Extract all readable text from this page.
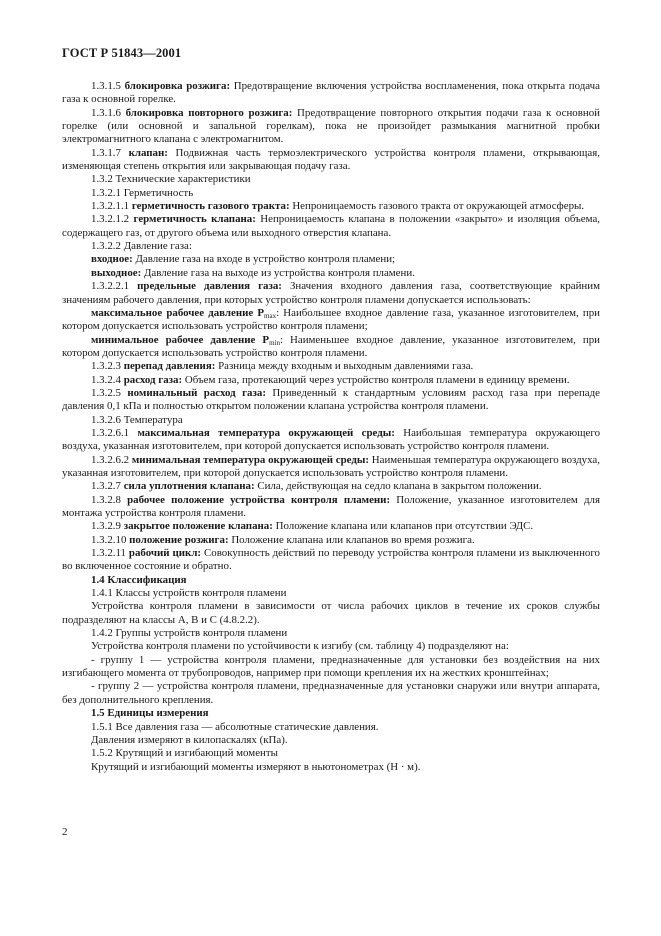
ГОСТ Р 51843—2001

1.3.1.5 блокировка розжига: Предотвращение включения устройства воспламенения, пока открыта подача газа к основной горелке.

1.3.1.6 блокировка повторного розжига: Предотвращение повторного открытия подачи газа к основной горелке (или основной и запальной горелкам), пока не произойдет размыкания магнитной пробки электромагнитного клапана с электромагнитом.

1.3.1.7 клапан: Подвижная часть термоэлектрического устройства контроля пламени, открывающая, изменяющая степень открытия или закрывающая подачу газа.

1.3.2 Технические характеристики

1.3.2.1 Герметичность

1.3.2.1.1 герметичность газового тракта: Непроницаемость газового тракта от окружающей атмосферы.

1.3.2.1.2 герметичность клапана: Непроницаемость клапана в положении «закрыто» и изоляция объема, содержащего газ, от другого объема или выходного отверстия клапана.

1.3.2.2 Давление газа:

входное: Давление газа на входе в устройство контроля пламени;

выходное: Давление газа на выходе из устройства контроля пламени.

1.3.2.2.1 предельные давления газа: Значения входного давления газа, соответствующие крайним значениям рабочего давления, при которых устройство контроля пламени допускается использовать:

максимальное рабочее давление $P_{max}$: Наибольшее входное давление газа, указанное изготовителем, при котором допускается использовать устройство контроля пламени;

минимальное рабочее давление $P_{min}$: Наименьшее входное давление, указанное изготовителем, при котором допускается использовать устройство контроля пламени.

1.3.2.3 перепад давления: Разница между входным и выходным давлениями газа.

1.3.2.4 расход газа: Объем газа, протекающий через устройство контроля пламени в единицу времени.

1.3.2.5 номинальный расход газа: Приведенный к стандартным условиям расход газа при перепаде давления 0,1 кПа и полностью открытом положении клапана устройства контроля пламени.

1.3.2.6 Температура

1.3.2.6.1 максимальная температура окружающей среды: Наибольшая температура окружающего воздуха, указанная изготовителем, при которой допускается использовать устройство контроля пламени.

1.3.2.6.2 минимальная температура окружающей среды: Наименьшая температура окружающего воздуха, указанная изготовителем, при которой допускается использовать устройство контроля пламени.

1.3.2.7 сила уплотнения клапана: Сила, действующая на седло клапана в закрытом положении.

1.3.2.8 рабочее положение устройства контроля пламени: Положение, указанное изготовителем для монтажа устройства контроля пламени.

1.3.2.9 закрытое положение клапана: Положение клапана или клапанов при отсутствии ЭДС.

1.3.2.10 положение розжига: Положение клапана или клапанов во время розжига.

1.3.2.11 рабочий цикл: Совокупность действий по переводу устройства контроля пламени из выключенного во включенное состояние и обратно.

1.4 Классификация

1.4.1 Классы устройств контроля пламени

Устройства контроля пламени в зависимости от числа рабочих циклов в течение их сроков службы подразделяют на классы А, В и С (4.8.2.2).

1.4.2 Группы устройств контроля пламени

Устройства контроля пламени по устойчивости к изгибу (см. таблицу 4) подразделяют на:

- группу 1 — устройства контроля пламени, предназначенные для установки без воздействия на них изгибающего момента от трубопроводов, например при помощи крепления их на жестких кронштейнах;

- группу 2 — устройства контроля пламени, предназначенные для установки снаружи или внутри аппарата, без дополнительного крепления.

1.5 Единицы измерения

1.5.1 Все давления газа — абсолютные статические давления.

Давления измеряют в килопаскалях (кПа).

1.5.2 Крутящий и изгибающий моменты

Крутящий и изгибающий моменты измеряют в ньютонометрах (Н · м).

2
